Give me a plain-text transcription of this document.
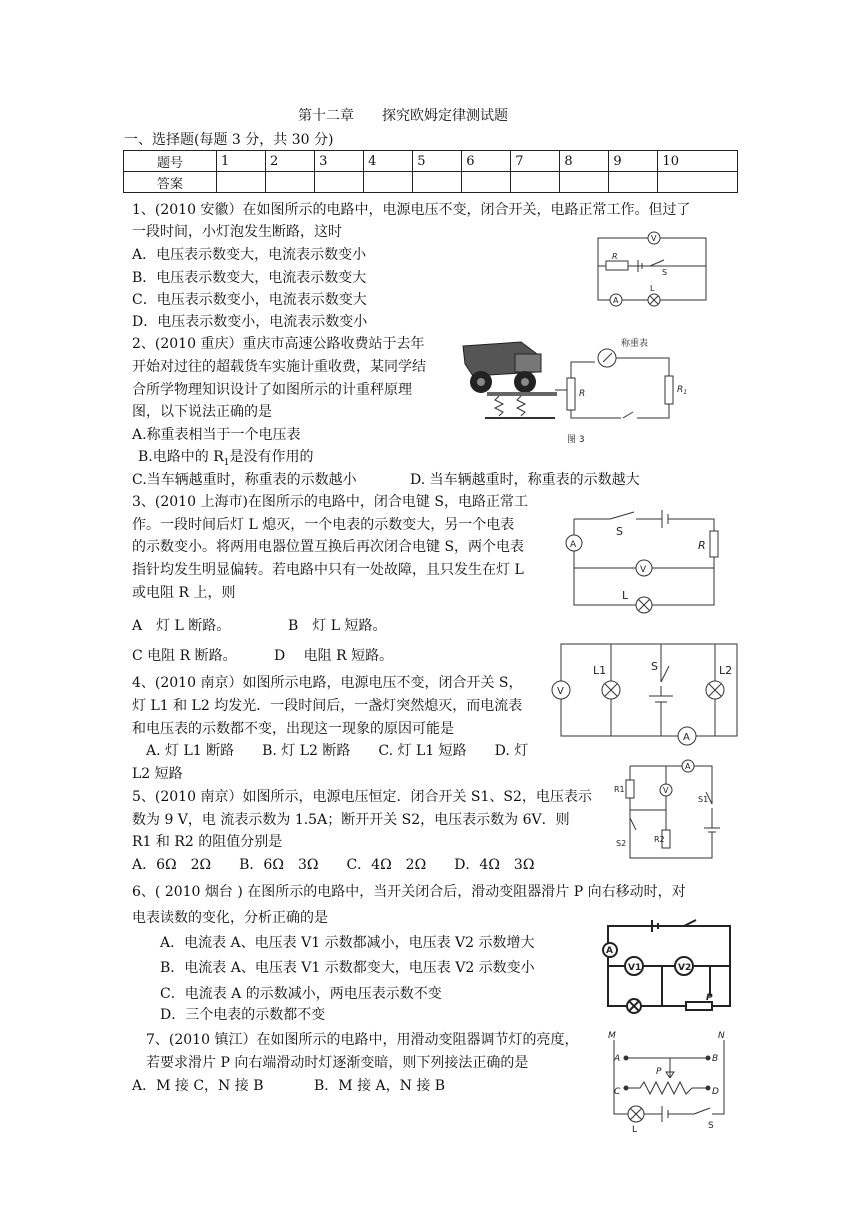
第十二章　　探究欧姆定律测试题
一、选择题(每题 3 分，共 30 分)
题号	1	2	3	4	5	6	7	8	9	10
答案										
1、(2010 安徽）在如图所示的电路中，电源电压不变，闭合开关，电路正常工作。但过了
一段时间，小灯泡发生断路，这时
A．电压表示数变大，电流表示数变小
B．电压表示数变大，电流表示数变大
C．电压表示数变小，电流表示数变大
D．电压表示数变小，电流表示数变小
V
R
S
A
L
2、(2010 重庆）重庆市高速公路收费站于去年
开始对过往的超载货车实施计重收费，某同学结
合所学物理知识设计了如图所示的计重秤原理
图，以下说法正确的是
A.称重表相当于一个电压表
B.电路中的 $R_1$是没有作用的
C.当车辆越重时，称重表的示数越小	D. 当车辆越重时，称重表的示数越大
称重表
R	$R_1$
图 3
3、(2010 上海市)在图所示的电路中，闭合电键 S，电路正常工
作。一段时间后灯 L 熄灭，一个电表的示数变大，另一个电表
的示数变小。将两用电器位置互换后再次闭合电键 S，两个电表
指针均发生明显偏转。若电路中只有一处故障，且只发生在灯 L
或电阻 R 上，则
A　灯 L 断路。	B　灯 L 短路。
C 电阻 R 断路。	D　 电阻 R 短路。
S
A	R
V
L
4、(2010 南京）如图所示电路，电源电压不变，闭合开关 S，
灯 L1 和 L2 均发光．一段时间后，一盏灯突然熄灭，而电流表
和电压表的示数都不变，出现这一现象的原因可能是
A. 灯 L1 断路　　B. 灯 L2 断路　　C. 灯 L1 短路　　D. 灯
L2 短路
V
L1	S	L2
A
5、(2010 南京）如图所示，电源电压恒定．闭合开关 S1、S2，电压表示
数为 9 V，电 流表示数为 1.5A；断开开关 S2，电压表示数为 6V．则
R1 和 R2 的阻值分别是
A．6Ω　2Ω　　B．6Ω　3Ω　　C．4Ω　2Ω　　D．4Ω　3Ω
A
R1	V
S1
R2
S2
6、( 2010 烟台 ) 在图所示的电路中，当开关闭合后，滑动变阻器滑片 P 向右移动时，对
电表读数的变化，分析正确的是
A．电流表 A、电压表 V1 示数都减小，电压表 V2 示数增大
B．电流表 A、电压表 V1 示数都变大，电压表 V2 示数变小
C．电流表 A 的示数减小，两电压表示数不变
D．三个电表的示数都不变
A
V1	V2
P
7、(2010 镇江）在如图所示的电路中，用滑动变阻器调节灯的亮度，
若要求滑片 P 向右端滑动时灯逐渐变暗，则下列接法正确的是
A．M 接 C，N 接 B	B．M 接 A，N 接 B
M	N
A	B
P
C	D
L	S
